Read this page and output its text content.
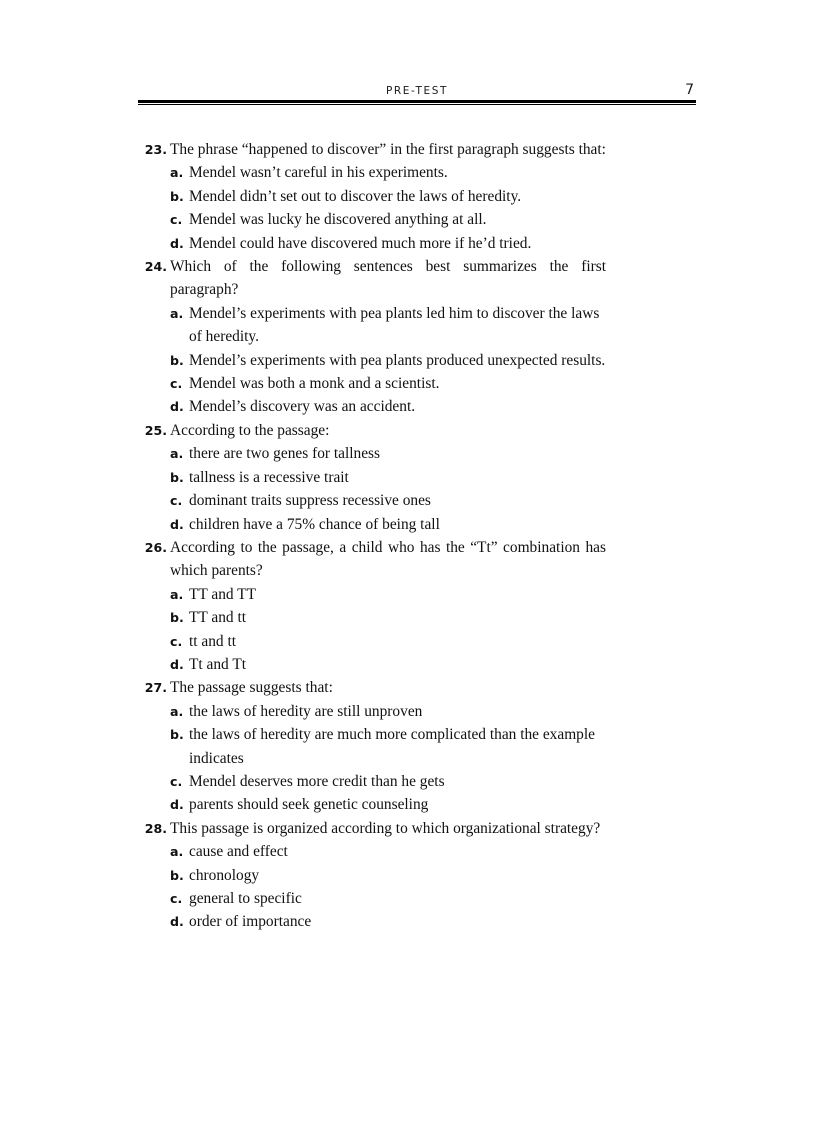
PRE-TEST	7
23. The phrase “happened to discover” in the first paragraph suggests that:
a. Mendel wasn’t careful in his experiments.
b. Mendel didn’t set out to discover the laws of heredity.
c. Mendel was lucky he discovered anything at all.
d. Mendel could have discovered much more if he’d tried.
24. Which of the following sentences best summarizes the first paragraph?
a. Mendel’s experiments with pea plants led him to discover the laws of heredity.
b. Mendel’s experiments with pea plants produced unexpected results.
c. Mendel was both a monk and a scientist.
d. Mendel’s discovery was an accident.
25. According to the passage:
a. there are two genes for tallness
b. tallness is a recessive trait
c. dominant traits suppress recessive ones
d. children have a 75% chance of being tall
26. According to the passage, a child who has the “Tt” combination has which parents?
a. TT and TT
b. TT and tt
c. tt and tt
d. Tt and Tt
27. The passage suggests that:
a. the laws of heredity are still unproven
b. the laws of heredity are much more complicated than the example indicates
c. Mendel deserves more credit than he gets
d. parents should seek genetic counseling
28. This passage is organized according to which organizational strategy?
a. cause and effect
b. chronology
c. general to specific
d. order of importance
